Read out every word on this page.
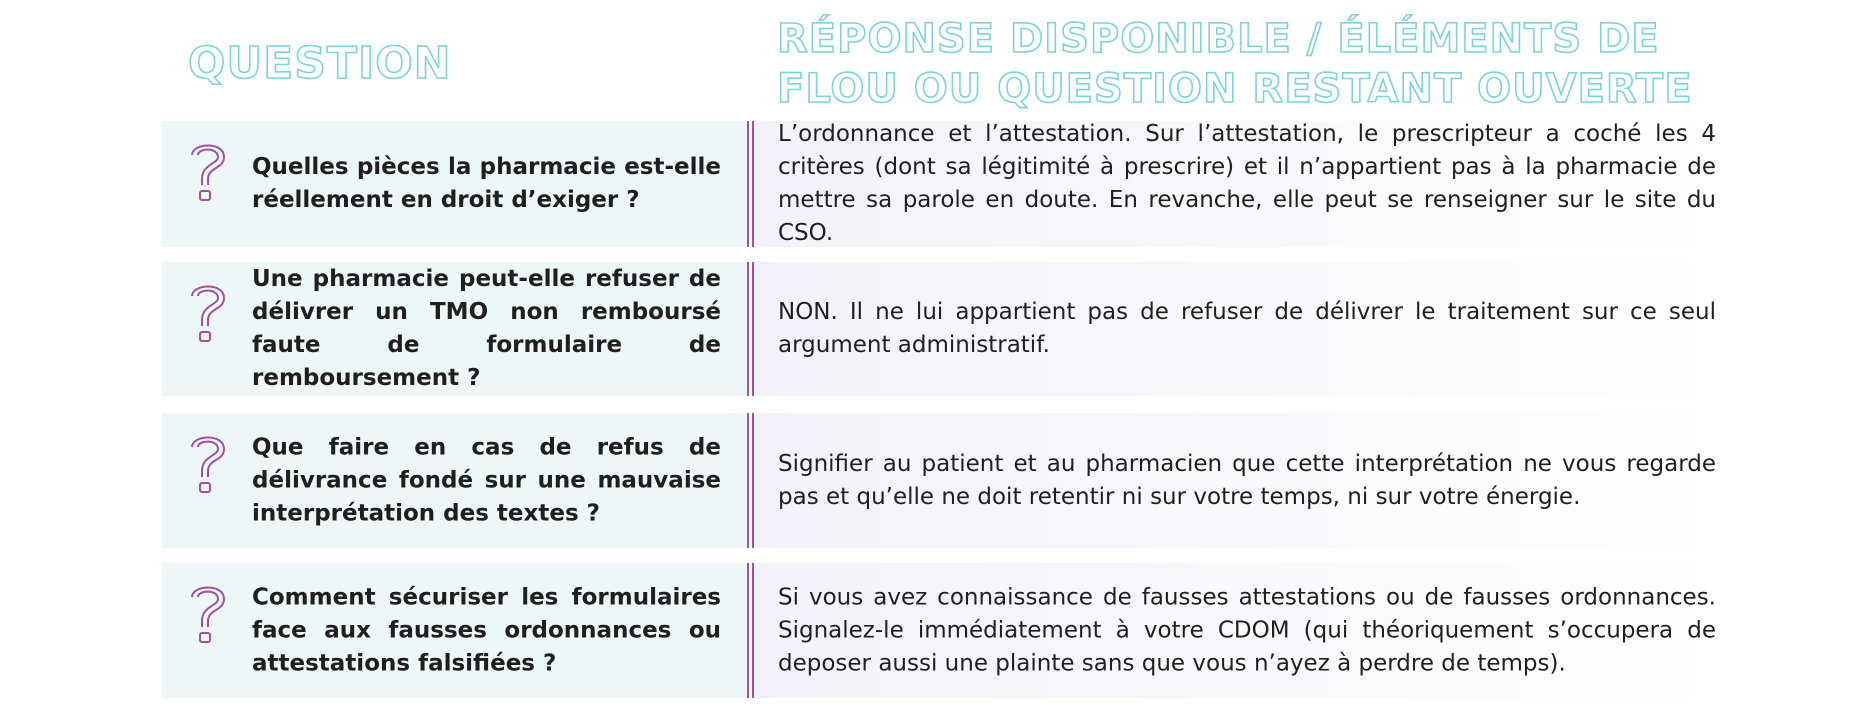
QUESTION	RÉPONSE DISPONIBLE / ÉLÉMENTS DE FLOU OU QUESTION RESTANT OUVERTE
Quelles pièces la pharmacie est-elle réellement en droit d’exiger ?
L’ordonnance et l’attestation. Sur l’attestation, le prescripteur a coché les 4 critères (dont sa légitimité à prescrire) et il n’appartient pas à la pharmacie de mettre sa parole en doute. En revanche, elle peut se renseigner sur le site du CSO.
Une pharmacie peut-elle refuser de délivrer un TMO non remboursé faute de formulaire de remboursement ?
NON. Il ne lui appartient pas de refuser de délivrer le traitement sur ce seul argument administratif.
Que faire en cas de refus de délivrance fondé sur une mauvaise interprétation des textes ?
Signifier au patient et au pharmacien que cette interprétation ne vous regarde pas et qu’elle ne doit retentir ni sur votre temps, ni sur votre énergie.
Comment sécuriser les formulaires face aux fausses ordonnances ou attestations falsifiées ?
Si vous avez connaissance de fausses attestations ou de fausses ordonnances. Signalez-le immédiatement à votre CDOM (qui théoriquement s’occupera de deposer aussi une plainte sans que vous n’ayez à perdre de temps).
